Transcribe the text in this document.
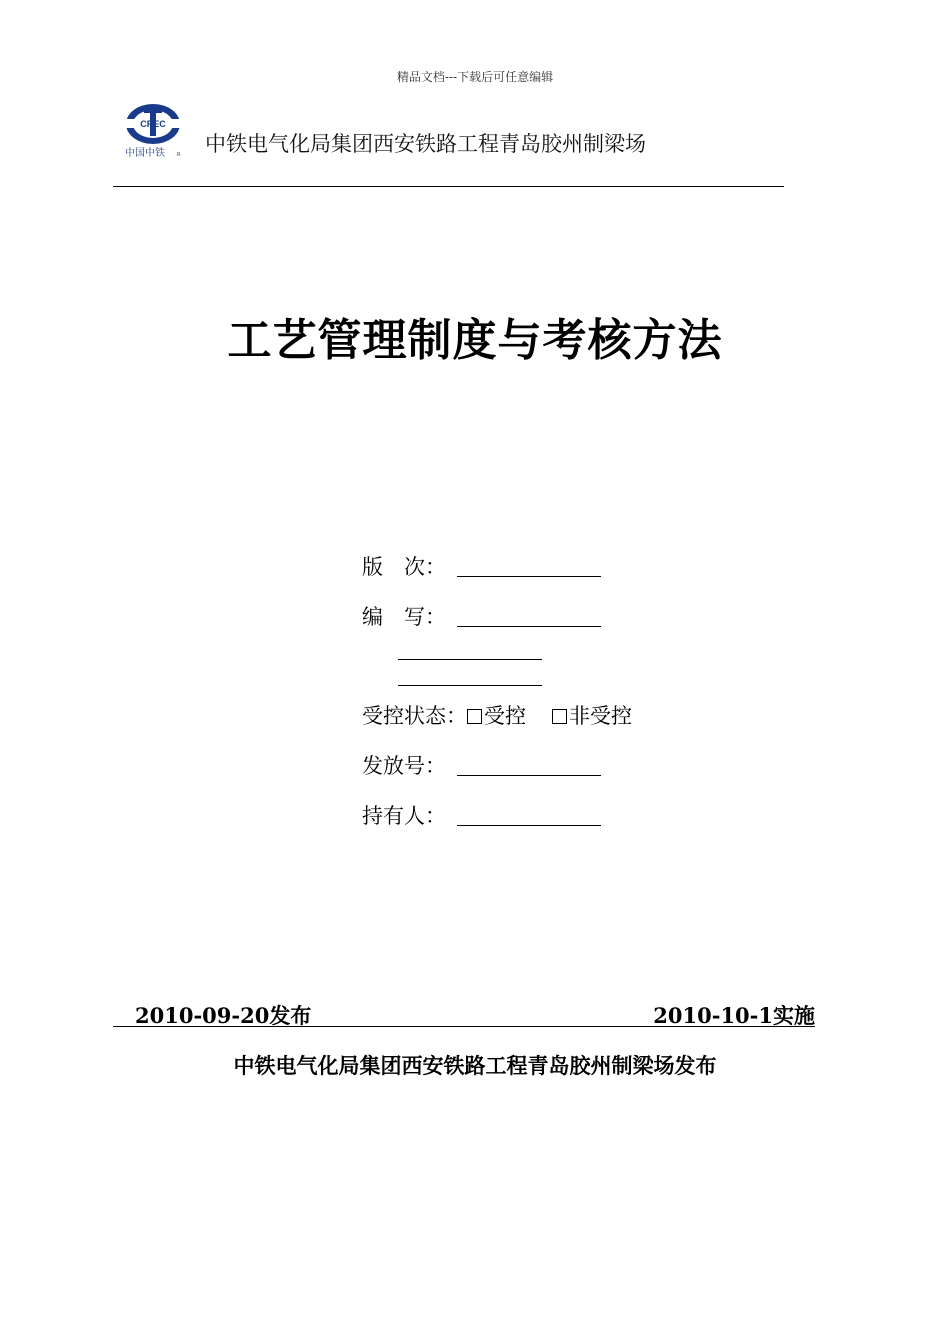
精品文档---下载后可任意编辑
CREC
中国中铁 R 中铁电气化局集团西安铁路工程青岛胶州制梁场
工艺管理制度与考核方法
版　次：
编　写：
受控状态： 受控 非受控
发放号：
持有人：
2010-09-20发布	2010-10-1实施
中铁电气化局集团西安铁路工程青岛胶州制梁场发布
